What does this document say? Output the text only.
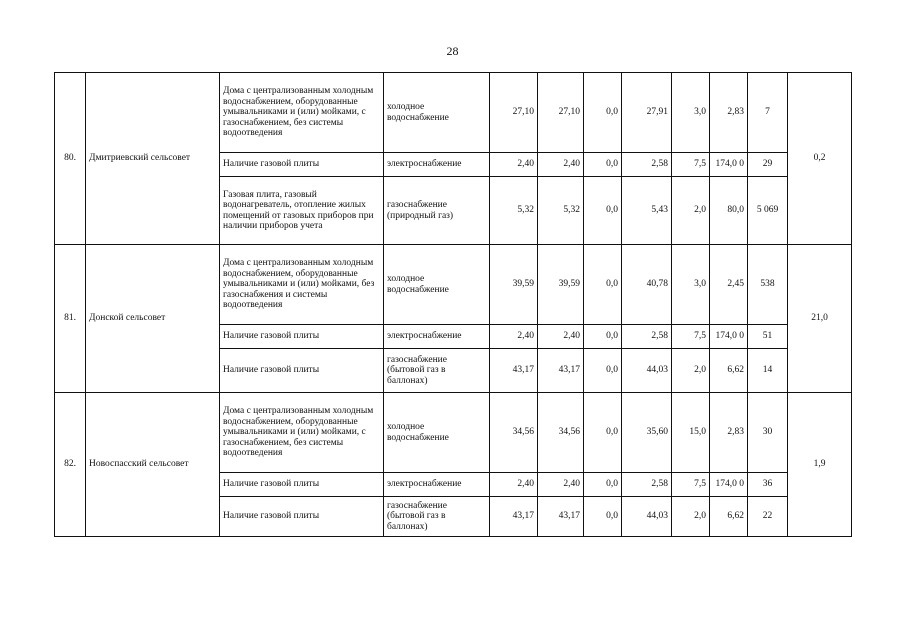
28
80.	Дмитриевский сельсовет	Дома с централизованным холодным водоснабжением, оборудованные умывальниками и (или) мойками, с газоснабжением, без системы водоотведения	холодное водоснабжение	27,10	27,10	0,0	27,91	3,0	2,83	7	0,2
		Наличие газовой плиты	электроснабжение	2,40	2,40	0,0	2,58	7,5	174,0 0	29	
		Газовая плита, газовый водонагреватель, отопление жилых помещений от газовых приборов при наличии приборов учета	газоснабжение (природный газ)	5,32	5,32	0,0	5,43	2,0	80,0	5 069	
81.	Донской сельсовет	Дома с централизованным холодным водоснабжением, оборудованные умывальниками и (или) мойками, без газоснабжения и системы водоотведения	холодное водоснабжение	39,59	39,59	0,0	40,78	3,0	2,45	538	21,0
		Наличие газовой плиты	электроснабжение	2,40	2,40	0,0	2,58	7,5	174,0 0	51	
		Наличие газовой плиты	газоснабжение (бытовой газ в баллонах)	43,17	43,17	0,0	44,03	2,0	6,62	14	
82.	Новоспасский сельсовет	Дома с централизованным холодным водоснабжением, оборудованные умывальниками и (или) мойками, с газоснабжением, без системы водоотведения	холодное водоснабжение	34,56	34,56	0,0	35,60	15,0	2,83	30	1,9
		Наличие газовой плиты	электроснабжение	2,40	2,40	0,0	2,58	7,5	174,0 0	36	
		Наличие газовой плиты	газоснабжение (бытовой газ в баллонах)	43,17	43,17	0,0	44,03	2,0	6,62	22	
